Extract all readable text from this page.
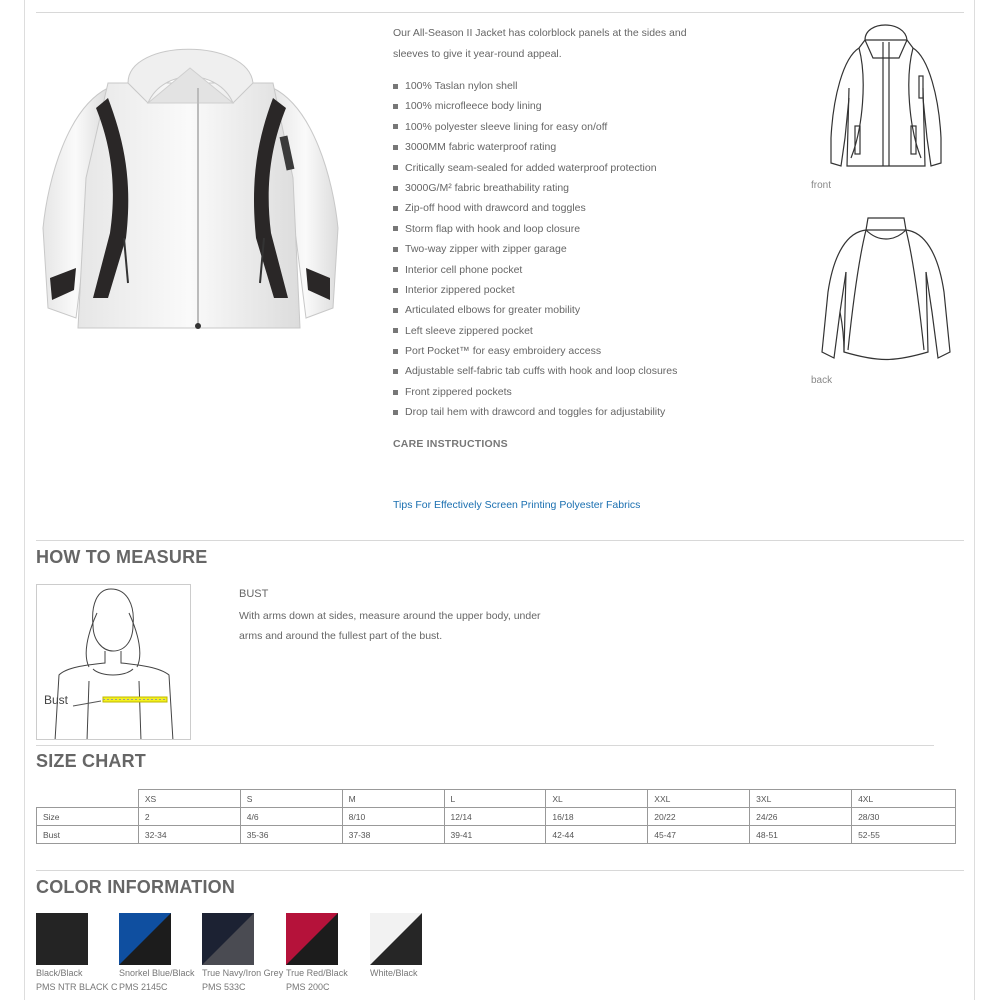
Our All-Season II Jacket has colorblock panels at the sides and sleeves to give it year-round appeal.
100% Taslan nylon shell
100% microfleece body lining
100% polyester sleeve lining for easy on/off
3000MM fabric waterproof rating
Critically seam-sealed for added waterproof protection
3000G/M² fabric breathability rating
Zip-off hood with drawcord and toggles
Storm flap with hook and loop closure
Two-way zipper with zipper garage
Interior cell phone pocket
Interior zippered pocket
Articulated elbows for greater mobility
Left sleeve zippered pocket
Port Pocket™ for easy embroidery access
Adjustable self-fabric tab cuffs with hook and loop closures
Front zippered pockets
Drop tail hem with drawcord and toggles for adjustability
CARE INSTRUCTIONS
Tips For Effectively Screen Printing Polyester Fabrics
front
back
HOW TO MEASURE
Bust
BUST
With arms down at sides, measure around the upper body, under arms and around the fullest part of the bust.
SIZE CHART
	XS	S	M	L	XL	XXL	3XL	4XL
Size	2	4/6	8/10	12/14	16/18	20/22	24/26	28/30
Bust	32-34	35-36	37-38	39-41	42-44	45-47	48-51	52-55
COLOR INFORMATION
Black/Black
PMS NTR BLACK C
Snorkel Blue/Black
PMS 2145C
True Navy/Iron Grey
PMS 533C
True Red/Black
PMS 200C
White/Black
